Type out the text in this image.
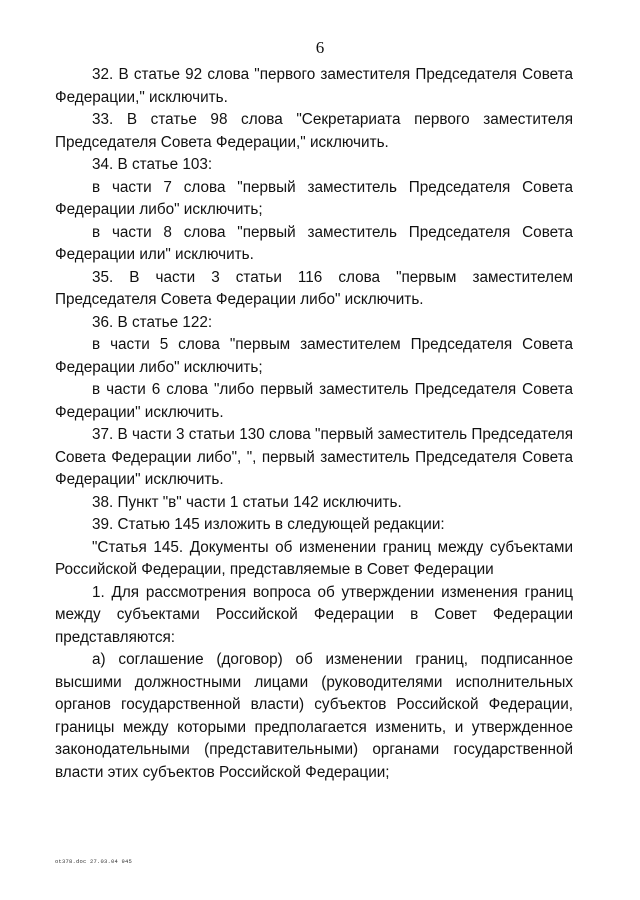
6

32. В статье 92 слова "первого заместителя Председателя Совета Федерации," исключить.

33. В статье 98 слова "Секретариата первого заместителя Председателя Совета Федерации," исключить.

34. В статье 103:

в части 7 слова "первый заместитель Председателя Совета Федерации либо" исключить;

в части 8 слова "первый заместитель Председателя Совета Федерации или" исключить.

35. В части 3 статьи 116 слова "первым заместителем Председателя Совета Федерации либо" исключить.

36. В статье 122:

в части 5 слова "первым заместителем Председателя Совета Федерации либо" исключить;

в части 6 слова "либо первый заместитель Председателя Совета Федерации" исключить.

37. В части 3 статьи 130 слова "первый заместитель Председателя Совета Федерации либо", ", первый заместитель Председателя Совета Федерации" исключить.

38. Пункт "в" части 1 статьи 142 исключить.

39. Статью 145 изложить в следующей редакции:

"Статья 145. Документы об изменении границ между субъектами Российской Федерации, представляемые в Совет Федерации

1. Для рассмотрения вопроса об утверждении изменения границ между субъектами Российской Федерации в Совет Федерации представляются:

а) соглашение (договор) об изменении границ, подписанное высшими должностными лицами (руководителями исполнительных органов государственной власти) субъектов Российской Федерации, границы между которыми предполагается изменить, и утвержденное законодательными (представительными) органами государственной власти этих субъектов Российской Федерации;

ot378.doc 27.03.04 945
